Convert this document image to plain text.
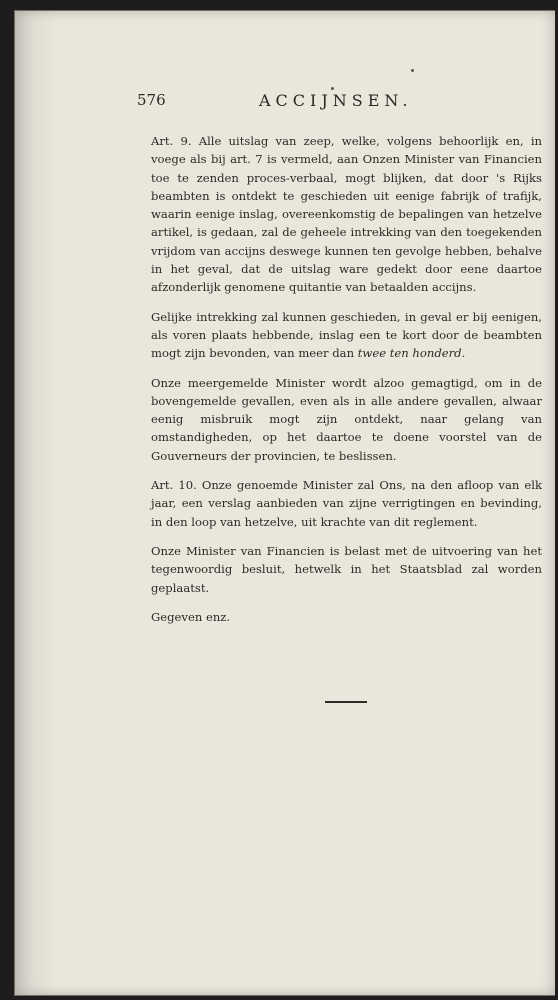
576	ACCIJNSEN.

Art. 9. Alle uitslag van zeep, welke, volgens behoorlijk en, in voege als bij art. 7 is vermeld, aan Onzen Minister van Financien toe te zenden proces-verbaal, mogt blijken, dat door 's Rijks beambten is ontdekt te geschieden uit eenige fabrijk of trafijk, waarin eenige inslag, overeenkomstig de bepalingen van hetzelve artikel, is gedaan, zal de geheele intrekking van den toegekenden vrijdom van accijns deswege kunnen ten gevolge hebben, behalve in het geval, dat de uitslag ware gedekt door eene daartoe afzonderlijk genomene quitantie van betaalden accijns.

Gelijke intrekking zal kunnen geschieden, in geval er bij eenigen, als voren plaats hebbende, inslag een te kort door de beambten mogt zijn bevonden, van meer dan twee ten honderd.

Onze meergemelde Minister wordt alzoo gemagtigd, om in de bovengemelde gevallen, even als in alle andere gevallen, alwaar eenig misbruik mogt zijn ontdekt, naar gelang van omstandigheden, op het daartoe te doene voorstel van de Gouverneurs der provincien, te beslissen.

Art. 10. Onze genoemde Minister zal Ons, na den afloop van elk jaar, een verslag aanbieden van zijne verrigtingen en bevinding, in den loop van hetzelve, uit krachte van dit reglement.

Onze Minister van Financien is belast met de uitvoering van het tegenwoordig besluit, hetwelk in het Staatsblad zal worden geplaatst.

Gegeven enz.
